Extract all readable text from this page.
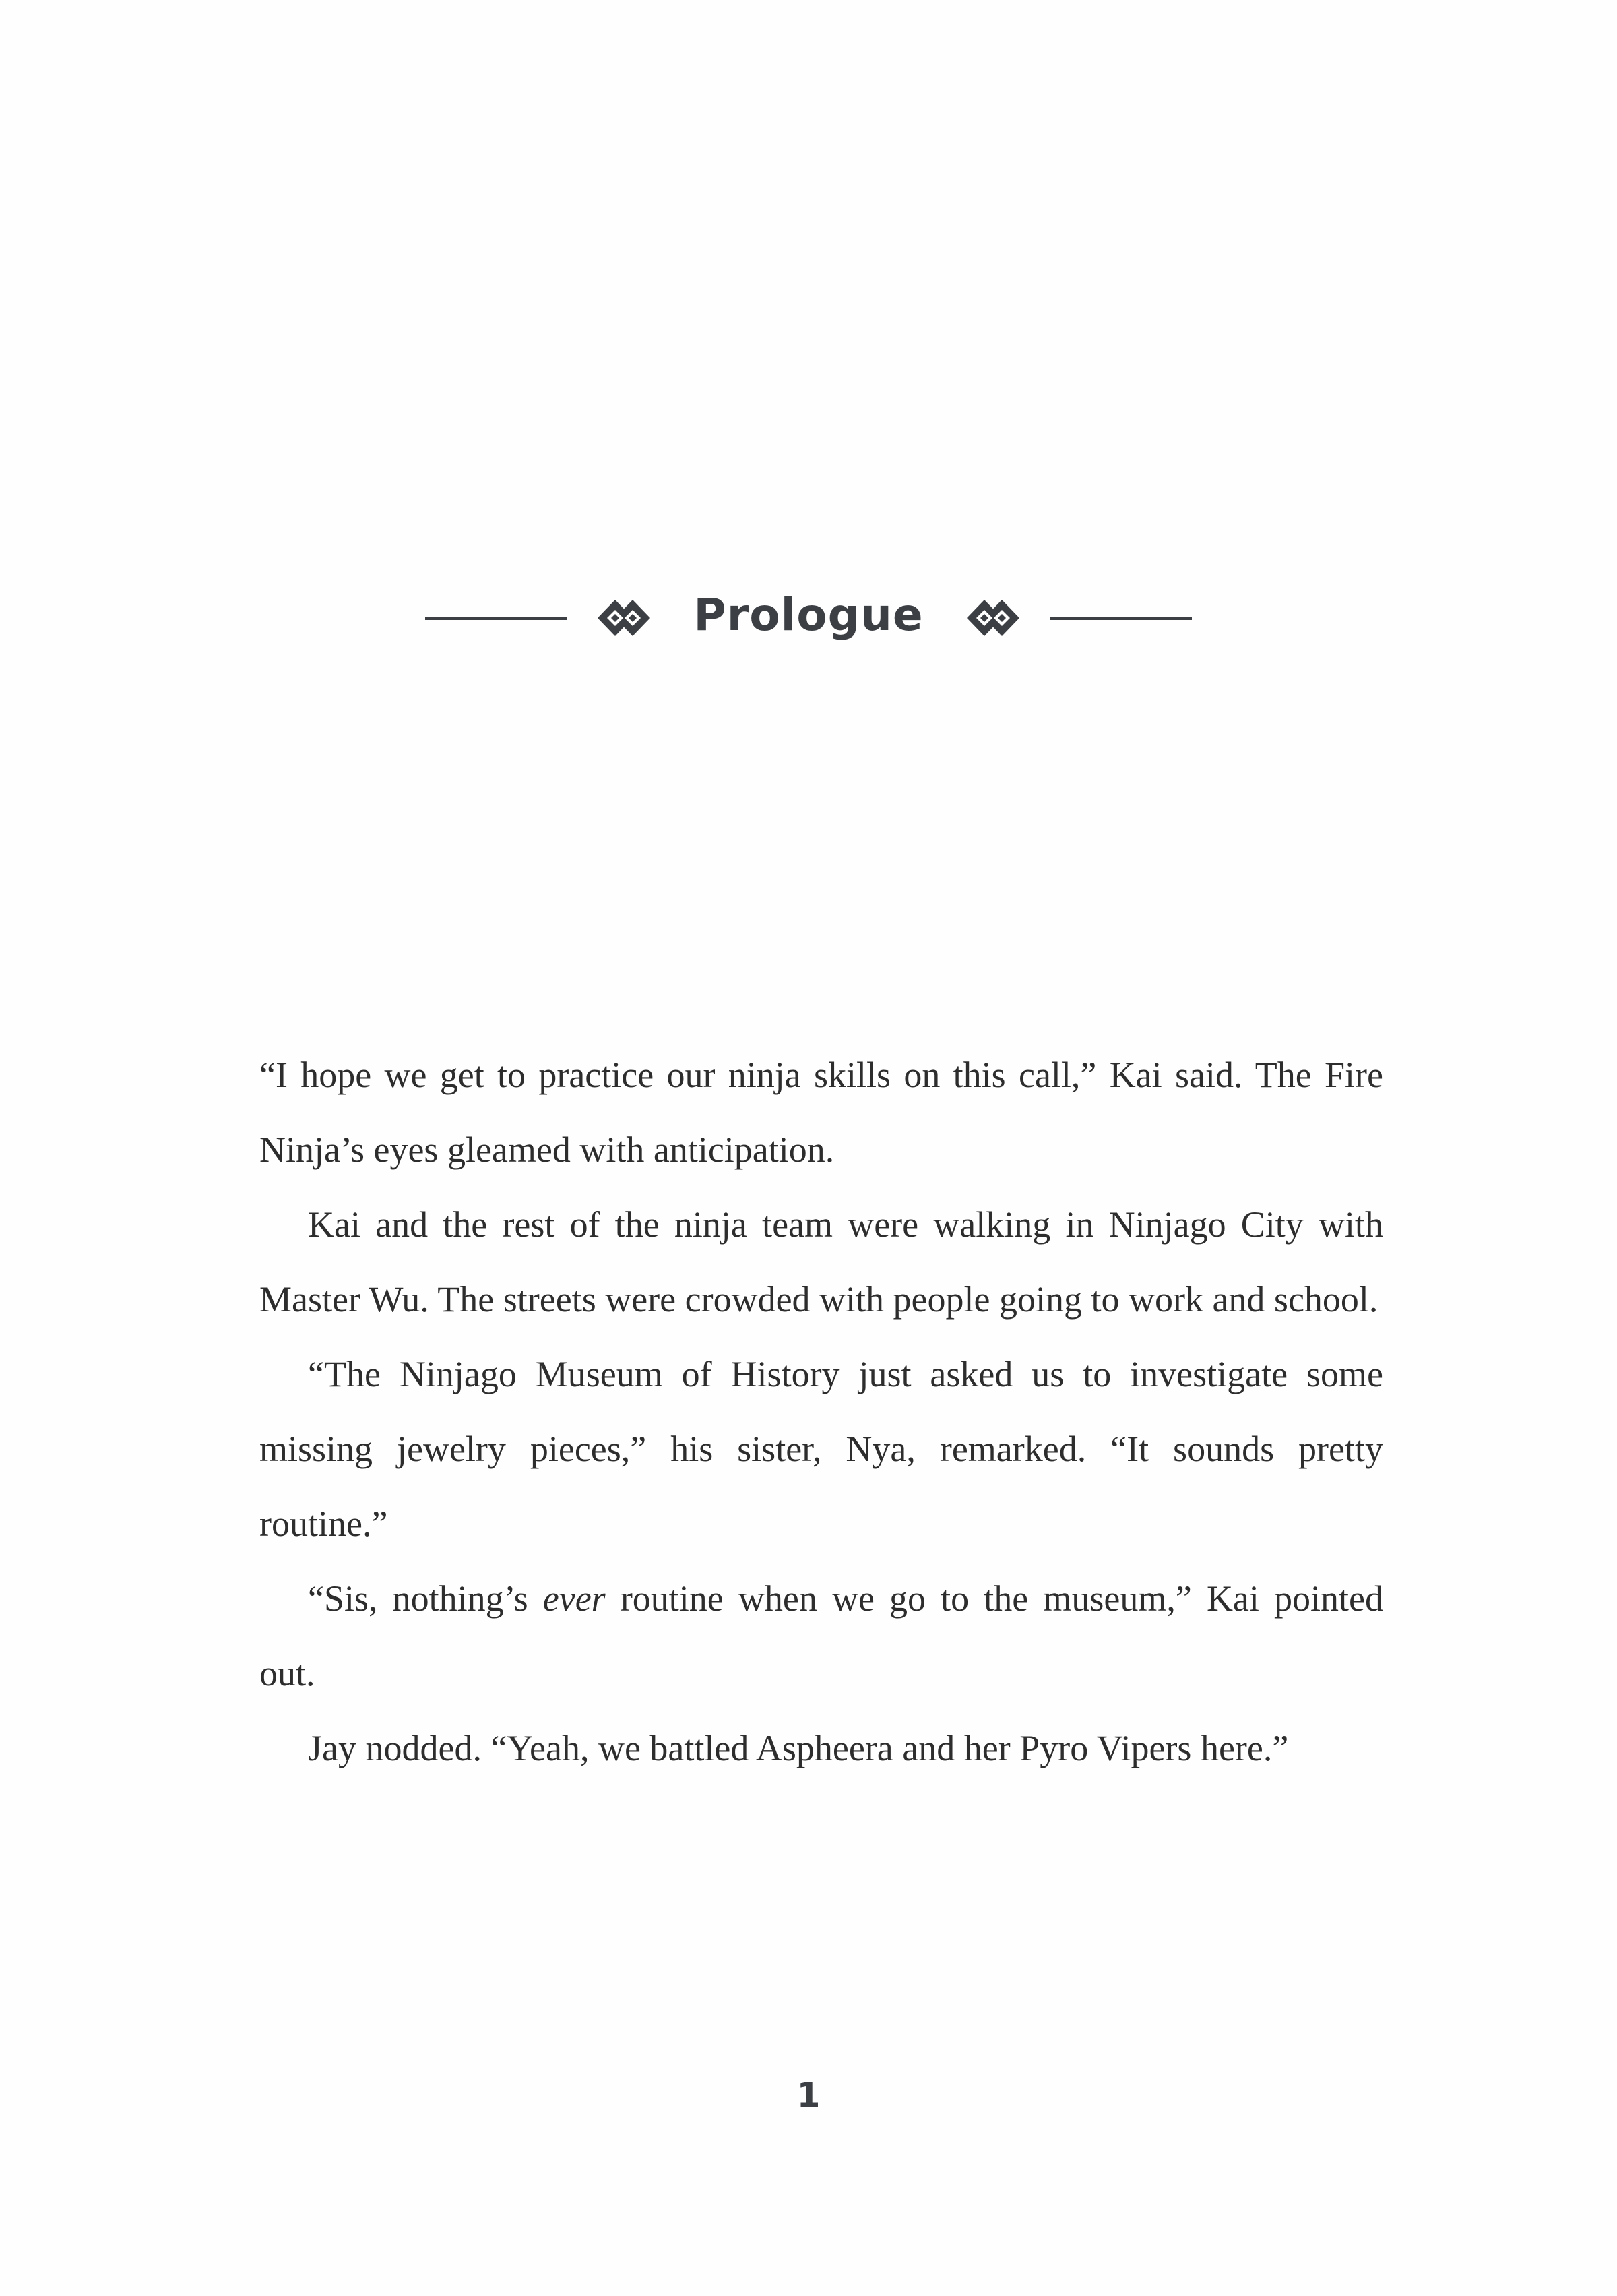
Prologue

“I hope we get to practice our ninja skills on this call,” Kai said. The Fire Ninja’s eyes gleamed with anticipation.

Kai and the rest of the ninja team were walking in Ninjago City with Master Wu. The streets were crowded with people going to work and school.

“The Ninjago Museum of History just asked us to investigate some missing jewelry pieces,” his sister, Nya, remarked. “It sounds pretty routine.”

“Sis, nothing’s ever routine when we go to the museum,” Kai pointed out.

Jay nodded. “Yeah, we battled Aspheera and her Pyro Vipers here.”

1
